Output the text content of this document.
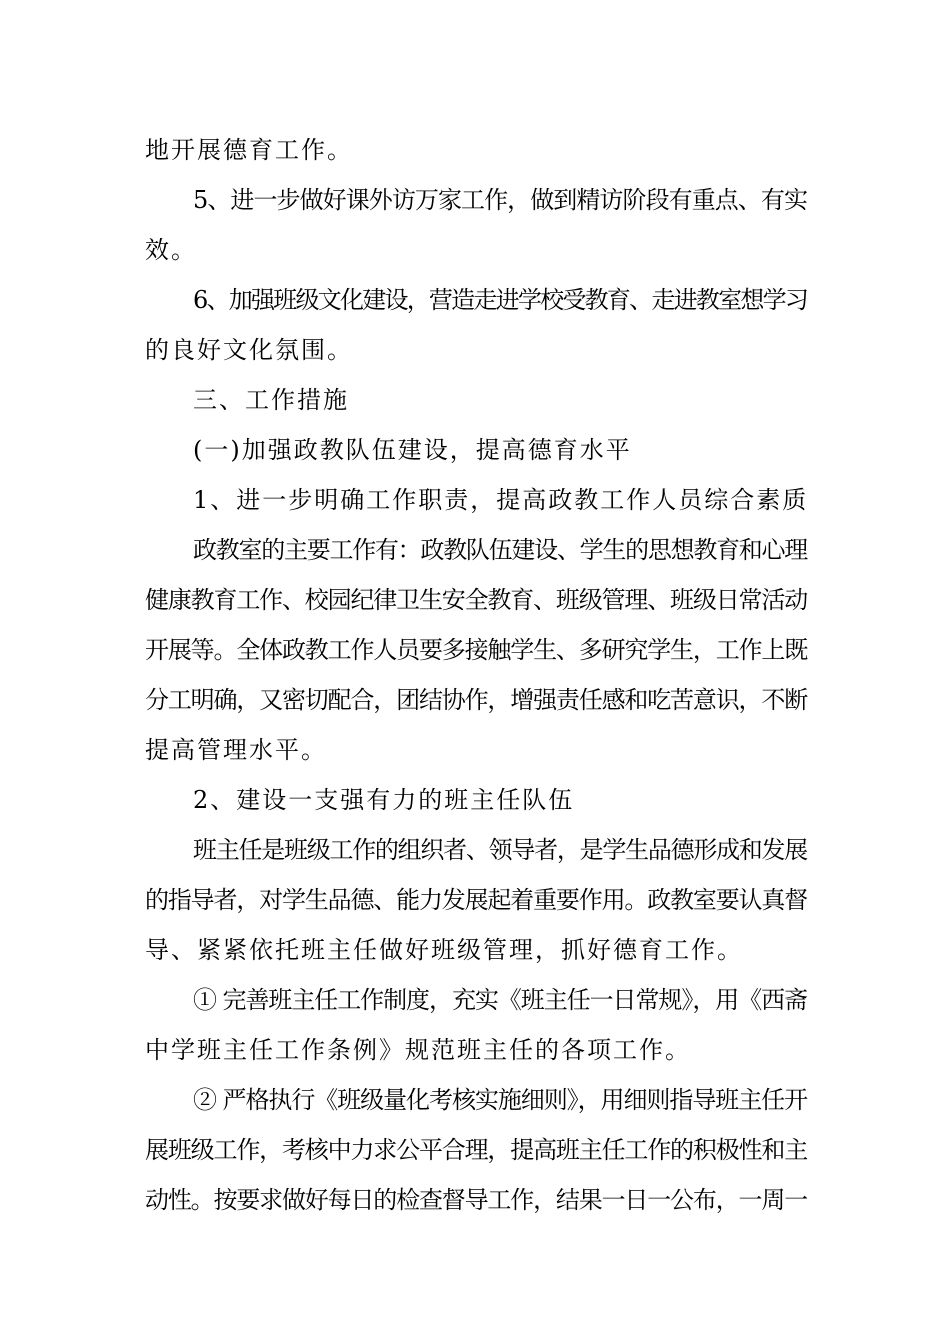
地开展德育工作。
5、进一步做好课外访万家工作，做到精访阶段有重点、有实
效。
6、加强班级文化建设，营造走进学校受教育、走进教室想学习
的良好文化氛围。
三、工作措施
(一)加强政教队伍建设，提高德育水平
1、进一步明确工作职责，提高政教工作人员综合素质
政教室的主要工作有：政教队伍建设、学生的思想教育和心理
健康教育工作、校园纪律卫生安全教育、班级管理、班级日常活动
开展等。全体政教工作人员要多接触学生、多研究学生，工作上既
分工明确，又密切配合，团结协作，增强责任感和吃苦意识，不断
提高管理水平。
2、建设一支强有力的班主任队伍
班主任是班级工作的组织者、领导者，是学生品德形成和发展
的指导者，对学生品德、能力发展起着重要作用。政教室要认真督
导、紧紧依托班主任做好班级管理，抓好德育工作。
① 完善班主任工作制度，充实《班主任一日常规》，用《西斋
中学班主任工作条例》规范班主任的各项工作。
② 严格执行《班级量化考核实施细则》，用细则指导班主任开
展班级工作，考核中力求公平合理，提高班主任工作的积极性和主
动性。按要求做好每日的检查督导工作，结果一日一公布，一周一
